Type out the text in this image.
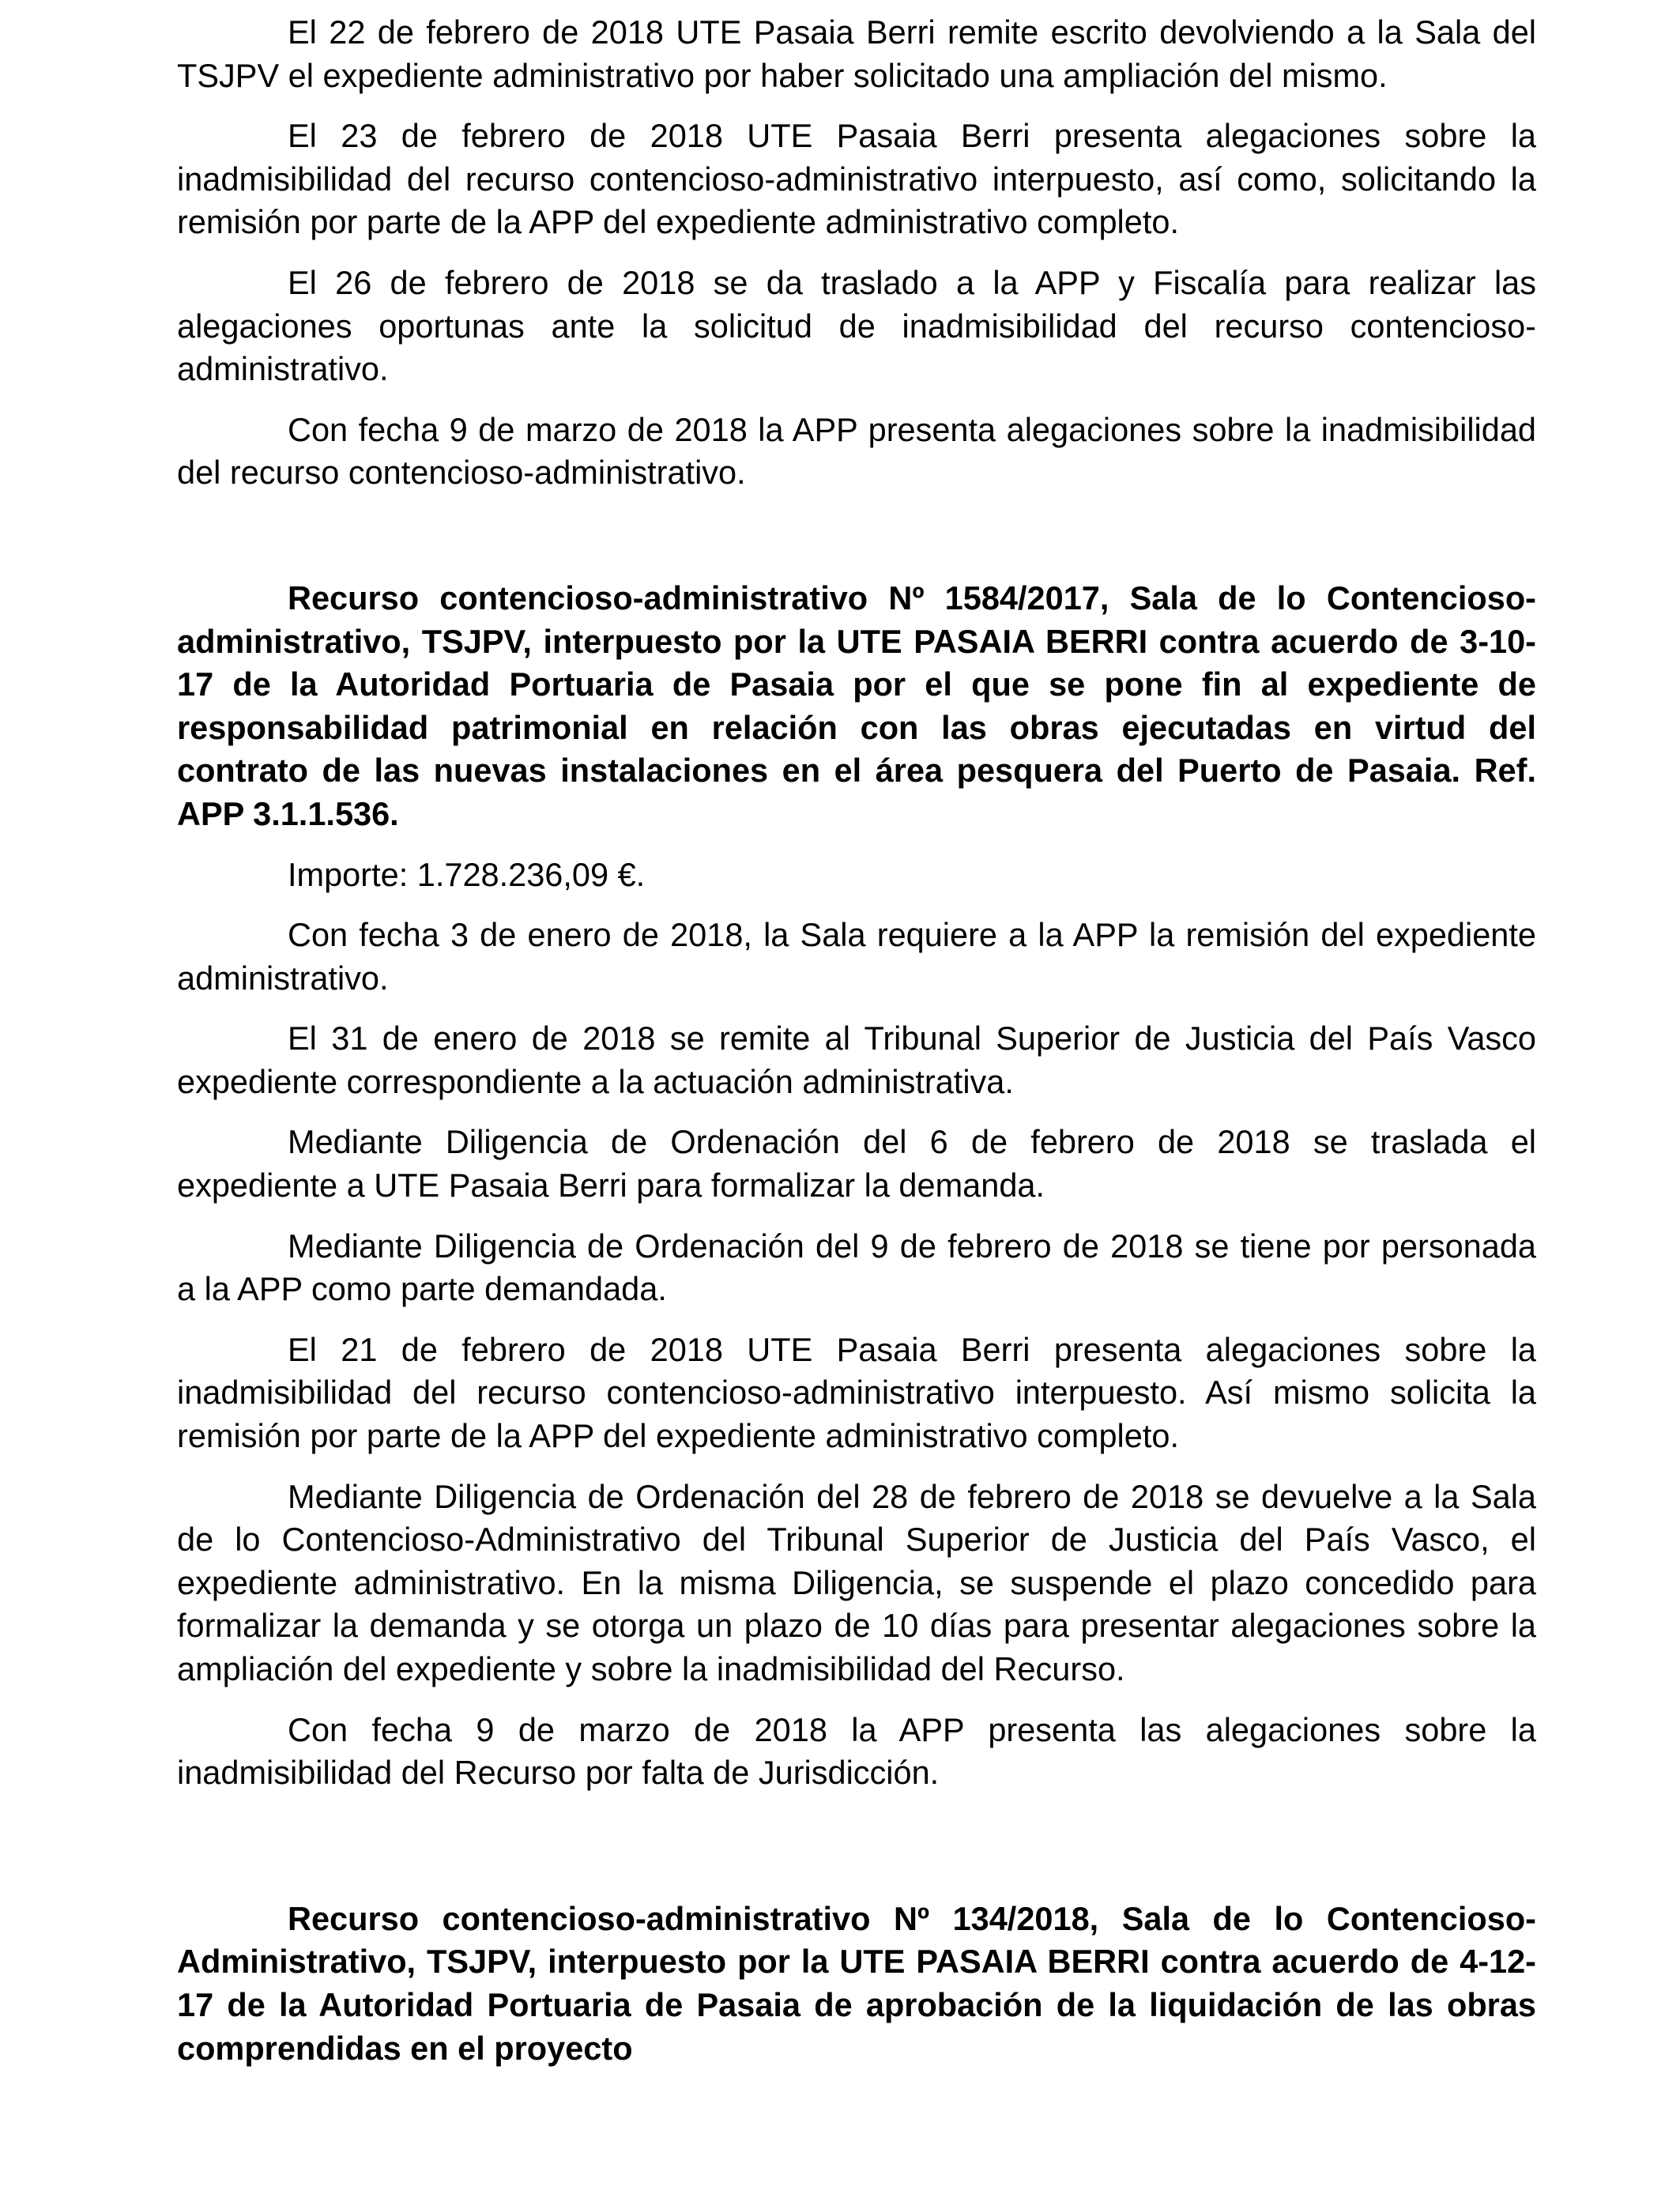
El 22 de febrero de 2018 UTE Pasaia Berri remite escrito devolviendo a la Sala del TSJPV el expediente administrativo por haber solicitado una ampliación del mismo.

El 23 de febrero de 2018 UTE Pasaia Berri presenta alegaciones sobre la inadmisibilidad del recurso contencioso-administrativo interpuesto, así como, solicitando la remisión por parte de la APP del expediente administrativo completo.

El 26 de febrero de 2018 se da traslado a la APP y Fiscalía para realizar las alegaciones oportunas ante la solicitud de inadmisibilidad del recurso contencioso-administrativo.

Con fecha 9 de marzo de 2018 la APP presenta alegaciones sobre la inadmisibilidad del recurso contencioso-administrativo.

Recurso contencioso-administrativo Nº 1584/2017, Sala de lo Contencioso-administrativo, TSJPV, interpuesto por la UTE PASAIA BERRI contra acuerdo de 3-10-17 de la Autoridad Portuaria de Pasaia por el que se pone fin al expediente de responsabilidad patrimonial en relación con las obras ejecutadas en virtud del contrato de las nuevas instalaciones en el área pesquera del Puerto de Pasaia. Ref. APP 3.1.1.536.

Importe: 1.728.236,09 €.

Con fecha 3 de enero de 2018, la Sala requiere a la APP la remisión del expediente administrativo.

El 31 de enero de 2018 se remite al Tribunal Superior de Justicia del País Vasco expediente correspondiente a la actuación administrativa.

Mediante Diligencia de Ordenación del 6 de febrero de 2018 se traslada el expediente a UTE Pasaia Berri para formalizar la demanda.

Mediante Diligencia de Ordenación del 9 de febrero de 2018 se tiene por personada a la APP como parte demandada.

El 21 de febrero de 2018 UTE Pasaia Berri presenta alegaciones sobre la inadmisibilidad del recurso contencioso-administrativo interpuesto. Así mismo solicita la remisión por parte de la APP del expediente administrativo completo.

Mediante Diligencia de Ordenación del 28 de febrero de 2018 se devuelve a la Sala de lo Contencioso-Administrativo del Tribunal Superior de Justicia del País Vasco, el expediente administrativo. En la misma Diligencia, se suspende el plazo concedido para formalizar la demanda y se otorga un plazo de 10 días para presentar alegaciones sobre la ampliación del expediente y sobre la inadmisibilidad del Recurso.

Con fecha 9 de marzo de 2018 la APP presenta las alegaciones sobre la inadmisibilidad del Recurso por falta de Jurisdicción.

Recurso contencioso-administrativo Nº 134/2018, Sala de lo Contencioso-Administrativo, TSJPV, interpuesto por la UTE PASAIA BERRI contra acuerdo de 4-12-17 de la Autoridad Portuaria de Pasaia de aprobación de la liquidación de las obras comprendidas en el proyecto
